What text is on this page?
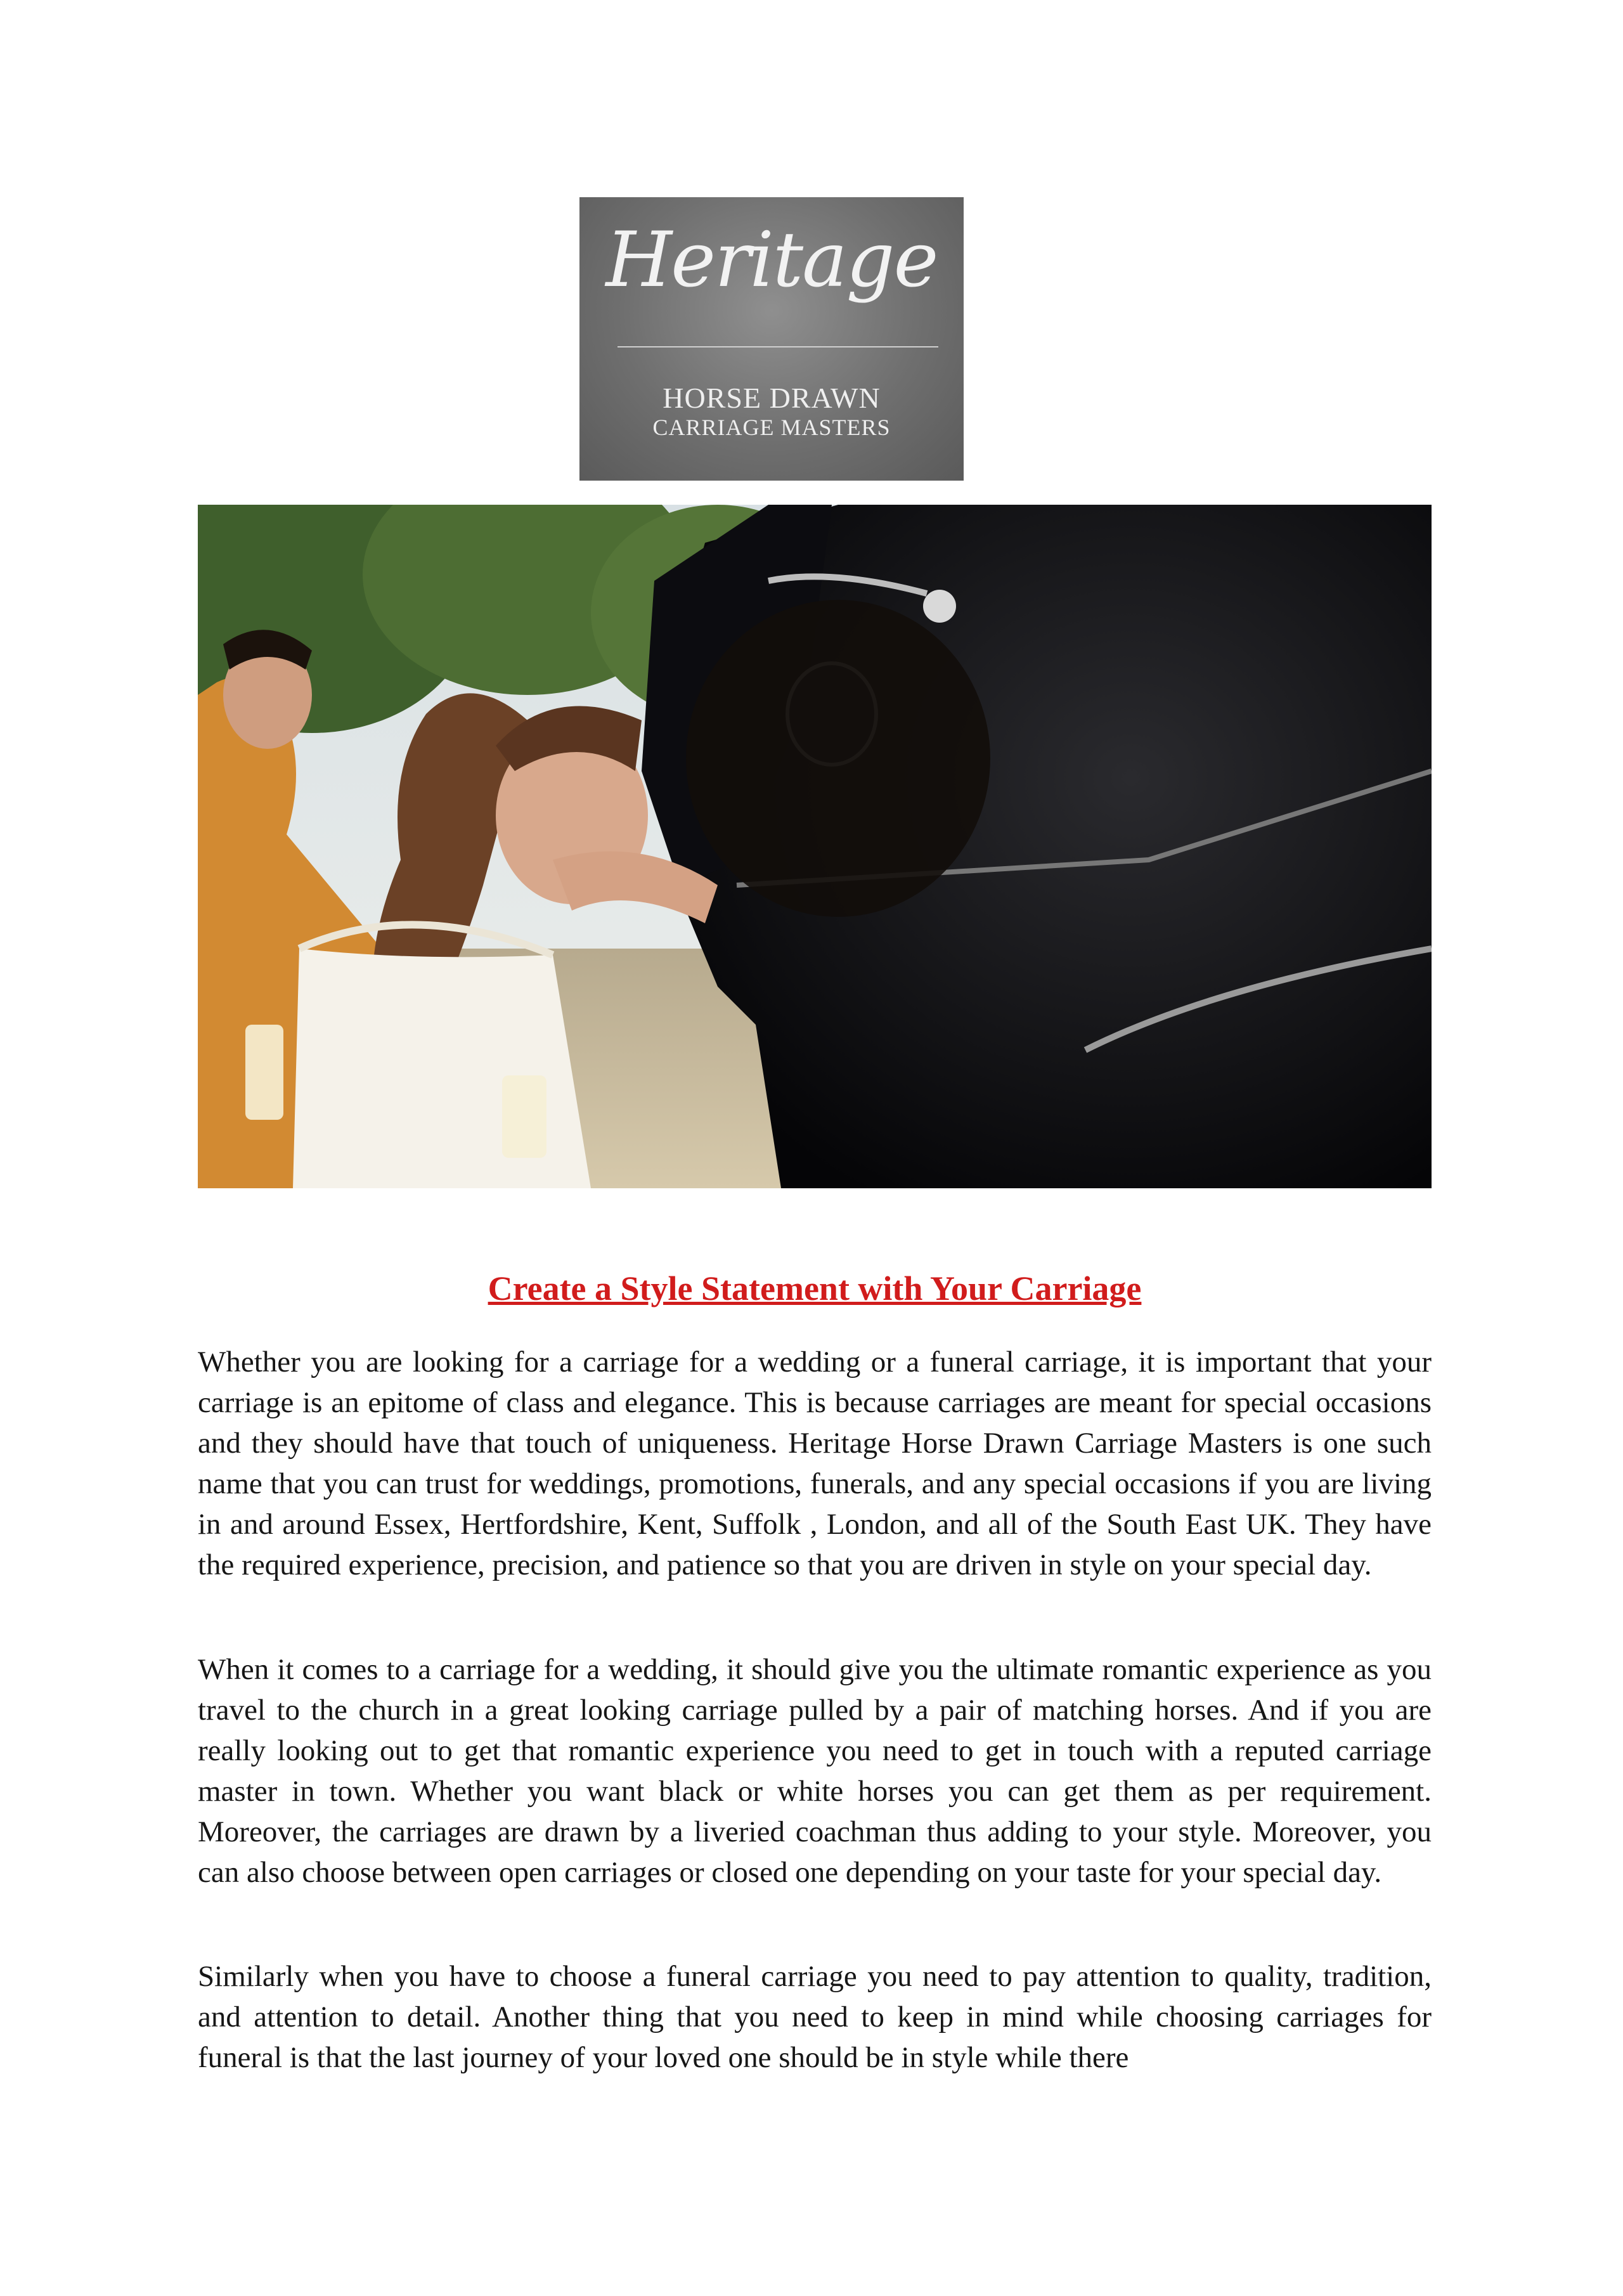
Heritage
HORSE DRAWN
CARRIAGE MASTERS
Create a Style Statement with Your Carriage

Whether you are looking for a carriage for a wedding or a funeral carriage, it is important that your carriage is an epitome of class and elegance. This is because carriages are meant for special occasions and they should have that touch of uniqueness. Heritage Horse Drawn Carriage Masters is one such name that you can trust for weddings, promotions, funerals, and any special occasions if you are living in and around Essex, Hertfordshire, Kent, Suffolk , London, and all of the South East UK. They have the required experience, precision, and patience so that you are driven in style on your special day.

When it comes to a carriage for a wedding, it should give you the ultimate romantic experience as you travel to the church in a great looking carriage pulled by a pair of matching horses. And if you are really looking out to get that romantic experience you need to get in touch with a reputed carriage master in town. Whether you want black or white horses you can get them as per requirement. Moreover, the carriages are drawn by a liveried coachman thus adding to your style. Moreover, you can also choose between open carriages or closed one depending on your taste for your special day.

Similarly when you have to choose a funeral carriage you need to pay attention to quality, tradition, and attention to detail. Another thing that you need to keep in mind while choosing carriages for funeral is that the last journey of your loved one should be in style while there
